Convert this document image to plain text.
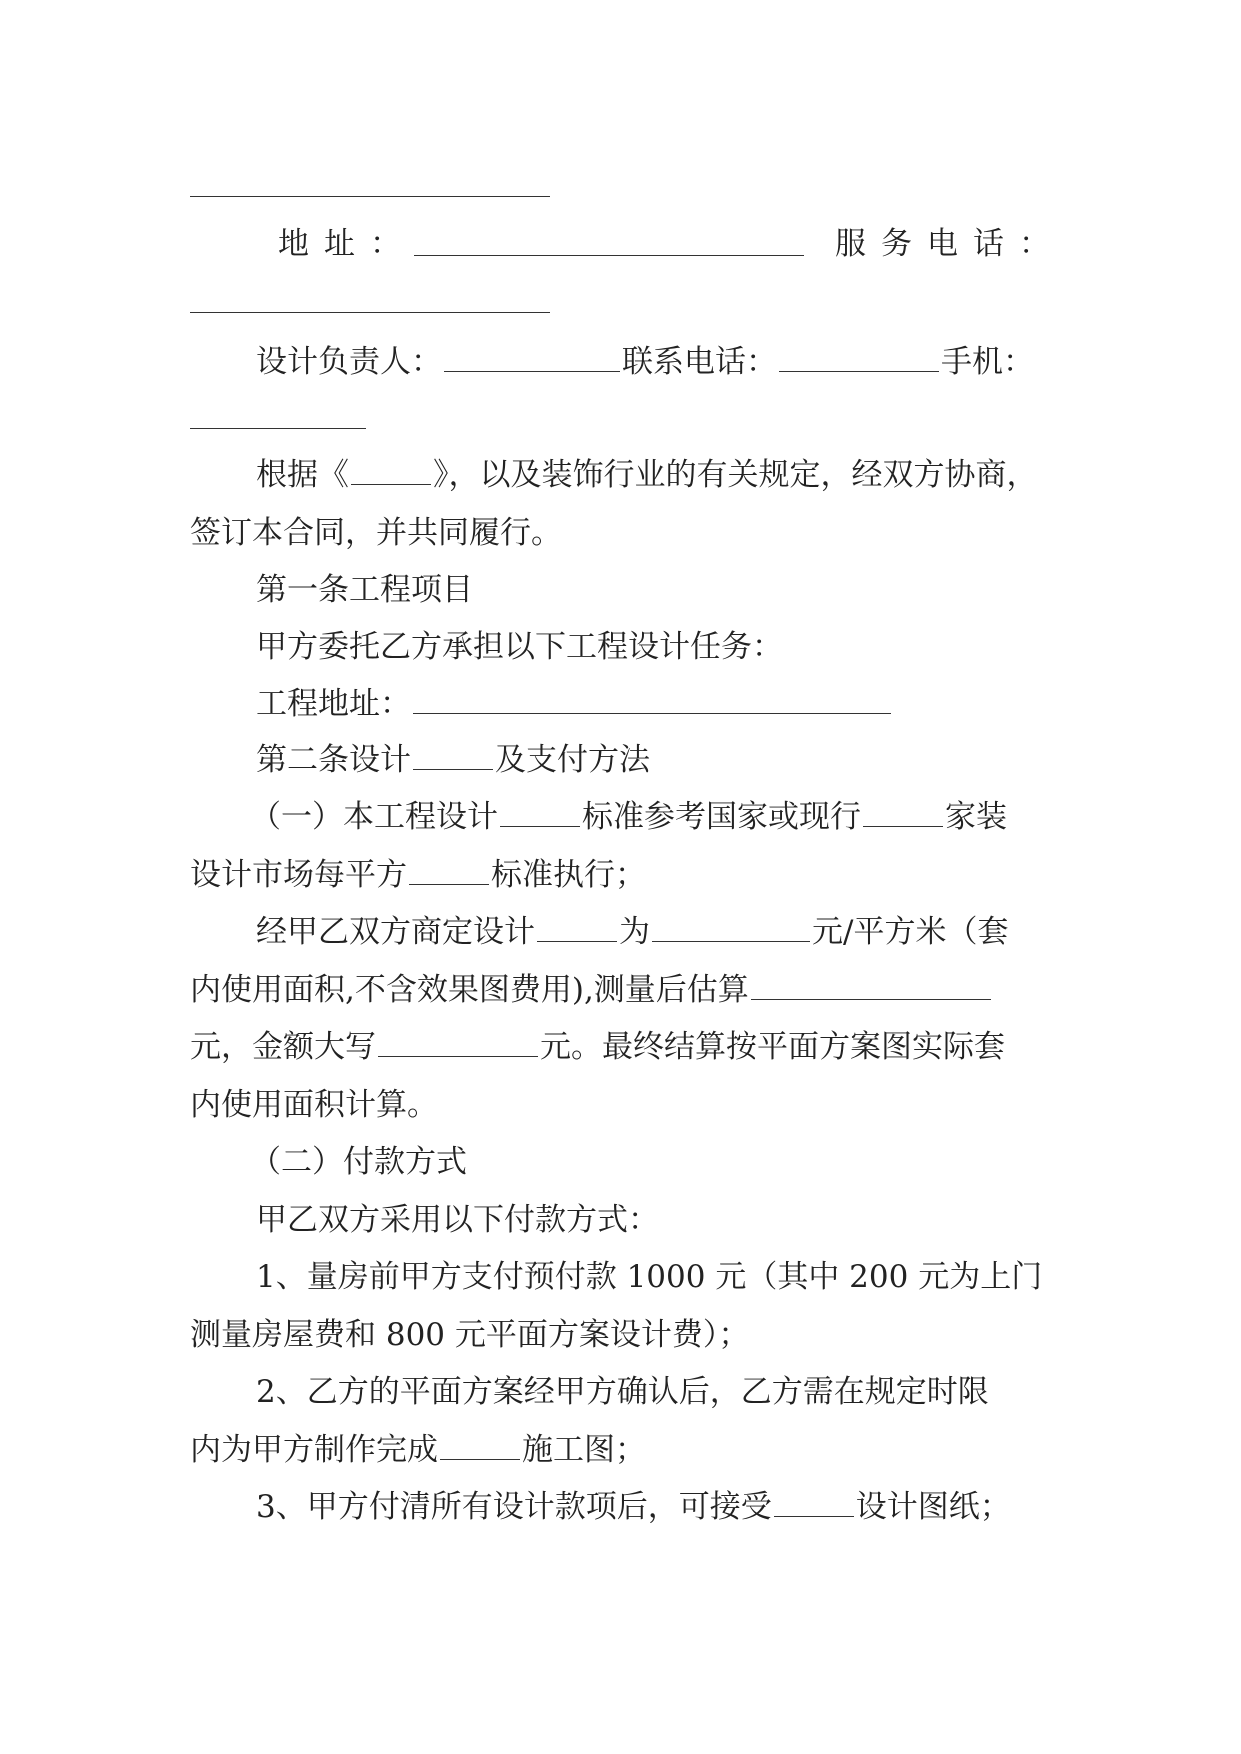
地址：	服务电话：
设计负责人：	联系电话：	手机：
根据《	》，以及装饰行业的有关规定，经双方协商，
签订本合同，并共同履行。
第一条工程项目
甲方委托乙方承担以下工程设计任务：
工程地址：
第二条设计	及支付方法
（一）本工程设计	标准参考国家或现行	家装
设计市场每平方	标准执行；
经甲乙双方商定设计	为	元/平方米（套
内使用面积,不含效果图费用),测量后估算
元，金额大写	元。最终结算按平面方案图实际套
内使用面积计算。
（二）付款方式
甲乙双方采用以下付款方式：
1、量房前甲方支付预付款 1000 元（其中 200 元为上门
测量房屋费和 800 元平面方案设计费）；
2、乙方的平面方案经甲方确认后，乙方需在规定时限
内为甲方制作完成	施工图；
3、甲方付清所有设计款项后，可接受	设计图纸；
